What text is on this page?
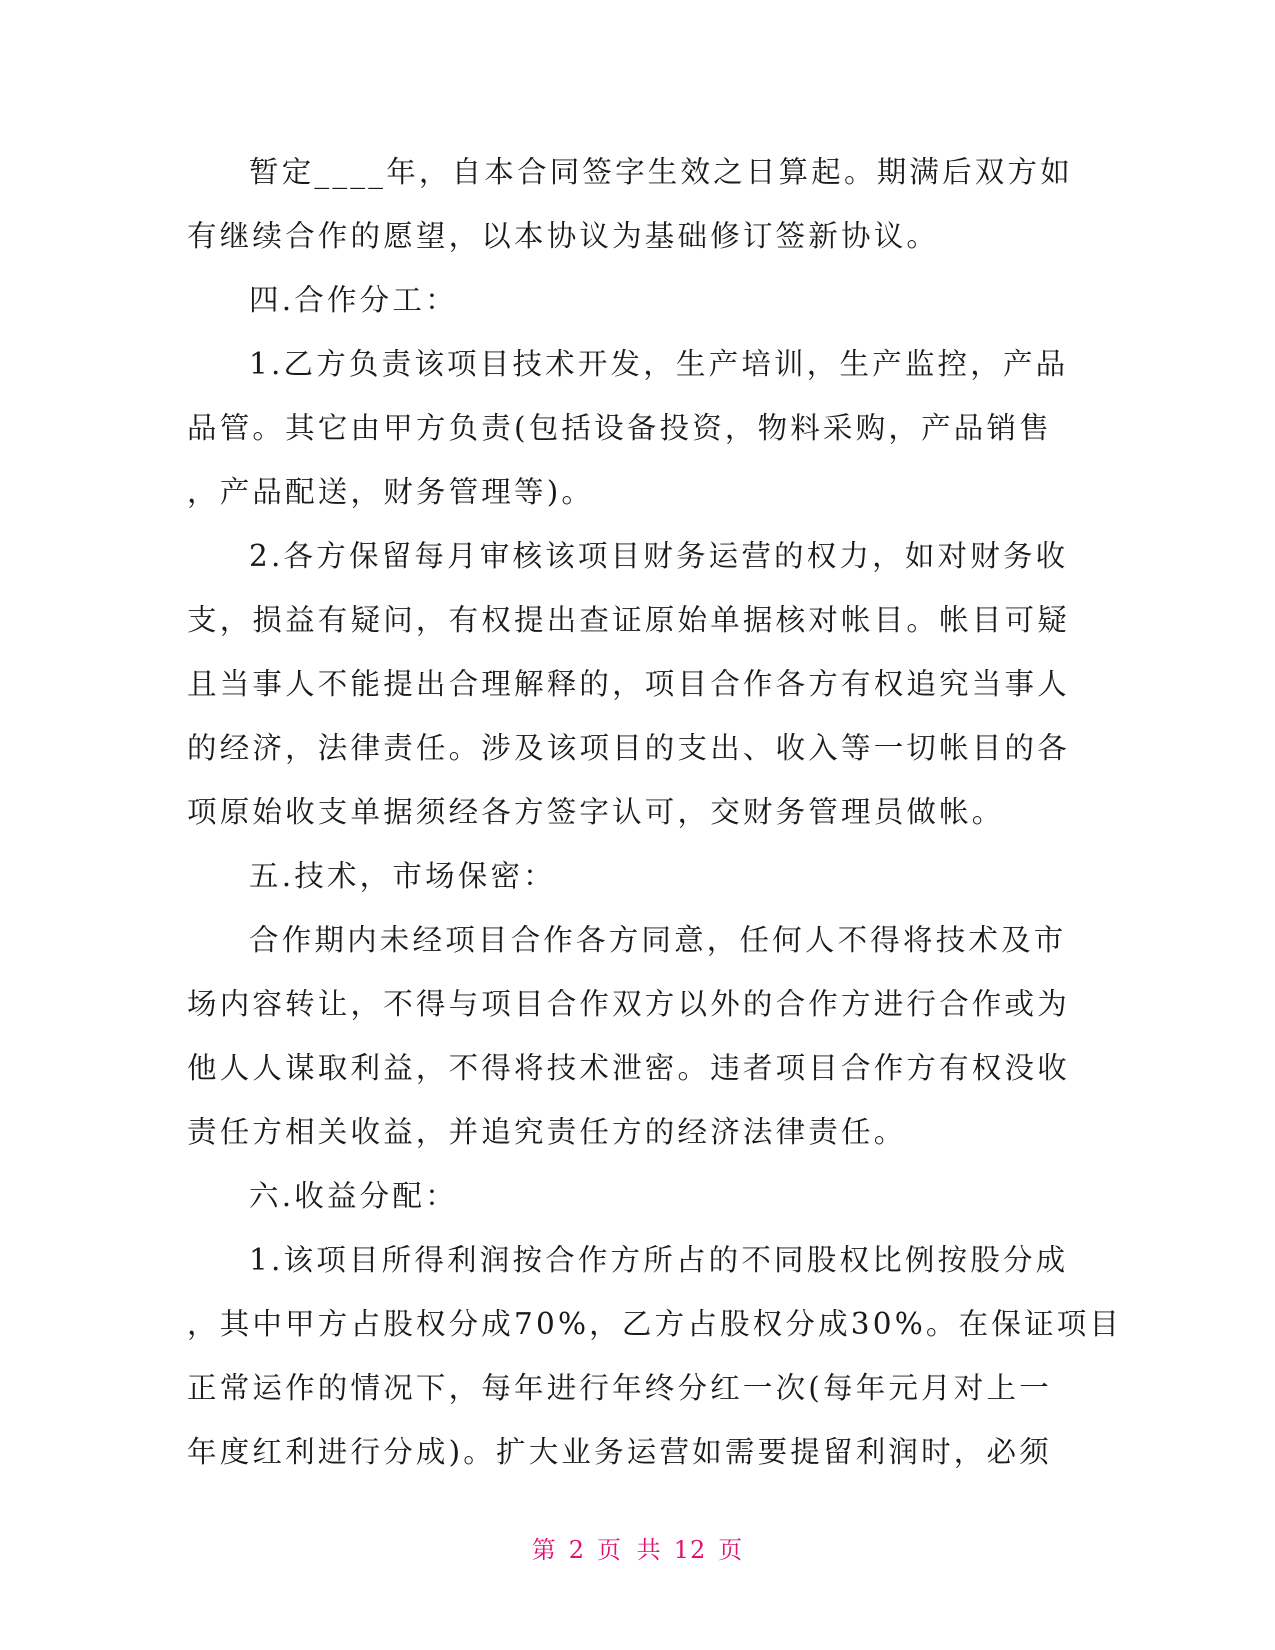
暂定____年，自本合同签字生效之日算起。期满后双方如
有继续合作的愿望，以本协议为基础修订签新协议。
四.合作分工：
1.乙方负责该项目技术开发，生产培训，生产监控，产品
品管。其它由甲方负责(包括设备投资，物料采购，产品销售
，产品配送，财务管理等)。
2.各方保留每月审核该项目财务运营的权力，如对财务收
支，损益有疑问，有权提出查证原始单据核对帐目。帐目可疑
且当事人不能提出合理解释的，项目合作各方有权追究当事人
的经济，法律责任。涉及该项目的支出、收入等一切帐目的各
项原始收支单据须经各方签字认可，交财务管理员做帐。
五.技术，市场保密：
合作期内未经项目合作各方同意，任何人不得将技术及市
场内容转让，不得与项目合作双方以外的合作方进行合作或为
他人人谋取利益，不得将技术泄密。违者项目合作方有权没收
责任方相关收益，并追究责任方的经济法律责任。
六.收益分配：
1.该项目所得利润按合作方所占的不同股权比例按股分成
，其中甲方占股权分成70%，乙方占股权分成30%。在保证项目
正常运作的情况下，每年进行年终分红一次(每年元月对上一
年度红利进行分成)。扩大业务运营如需要提留利润时，必须
第 2 页 共 12 页
